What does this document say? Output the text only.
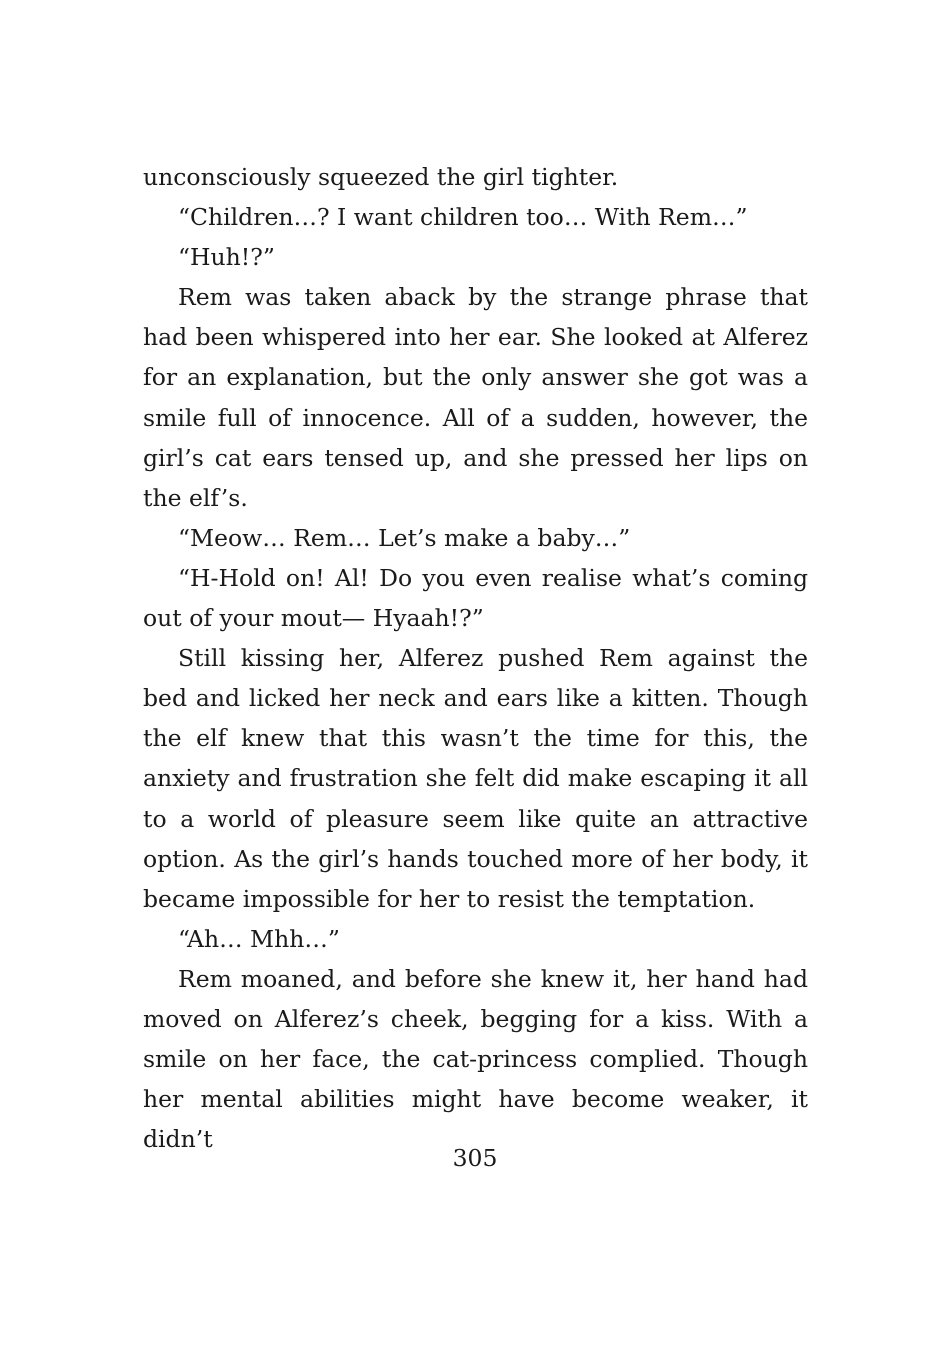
unconsciously squeezed the girl tighter.

“Children…? I want children too… With Rem…”

“Huh!?”

Rem was taken aback by the strange phrase that had been whispered into her ear. She looked at Alferez for an explanation, but the only answer she got was a smile full of innocence. All of a sudden, however, the girl’s cat ears tensed up, and she pressed her lips on the elf’s.

“Meow… Rem… Let’s make a baby…”

“H-Hold on! Al! Do you even realise what’s coming out of your mout— Hyaah!?”

Still kissing her, Alferez pushed Rem against the bed and licked her neck and ears like a kitten. Though the elf knew that this wasn’t the time for this, the anxiety and frustration she felt did make escaping it all to a world of pleasure seem like quite an attractive option. As the girl’s hands touched more of her body, it became impossible for her to resist the temptation.

“Ah… Mhh…”

Rem moaned, and before she knew it, her hand had moved on Alferez’s cheek, begging for a kiss. With a smile on her face, the cat-princess complied. Though her mental abilities might have become weaker, it didn’t

305
